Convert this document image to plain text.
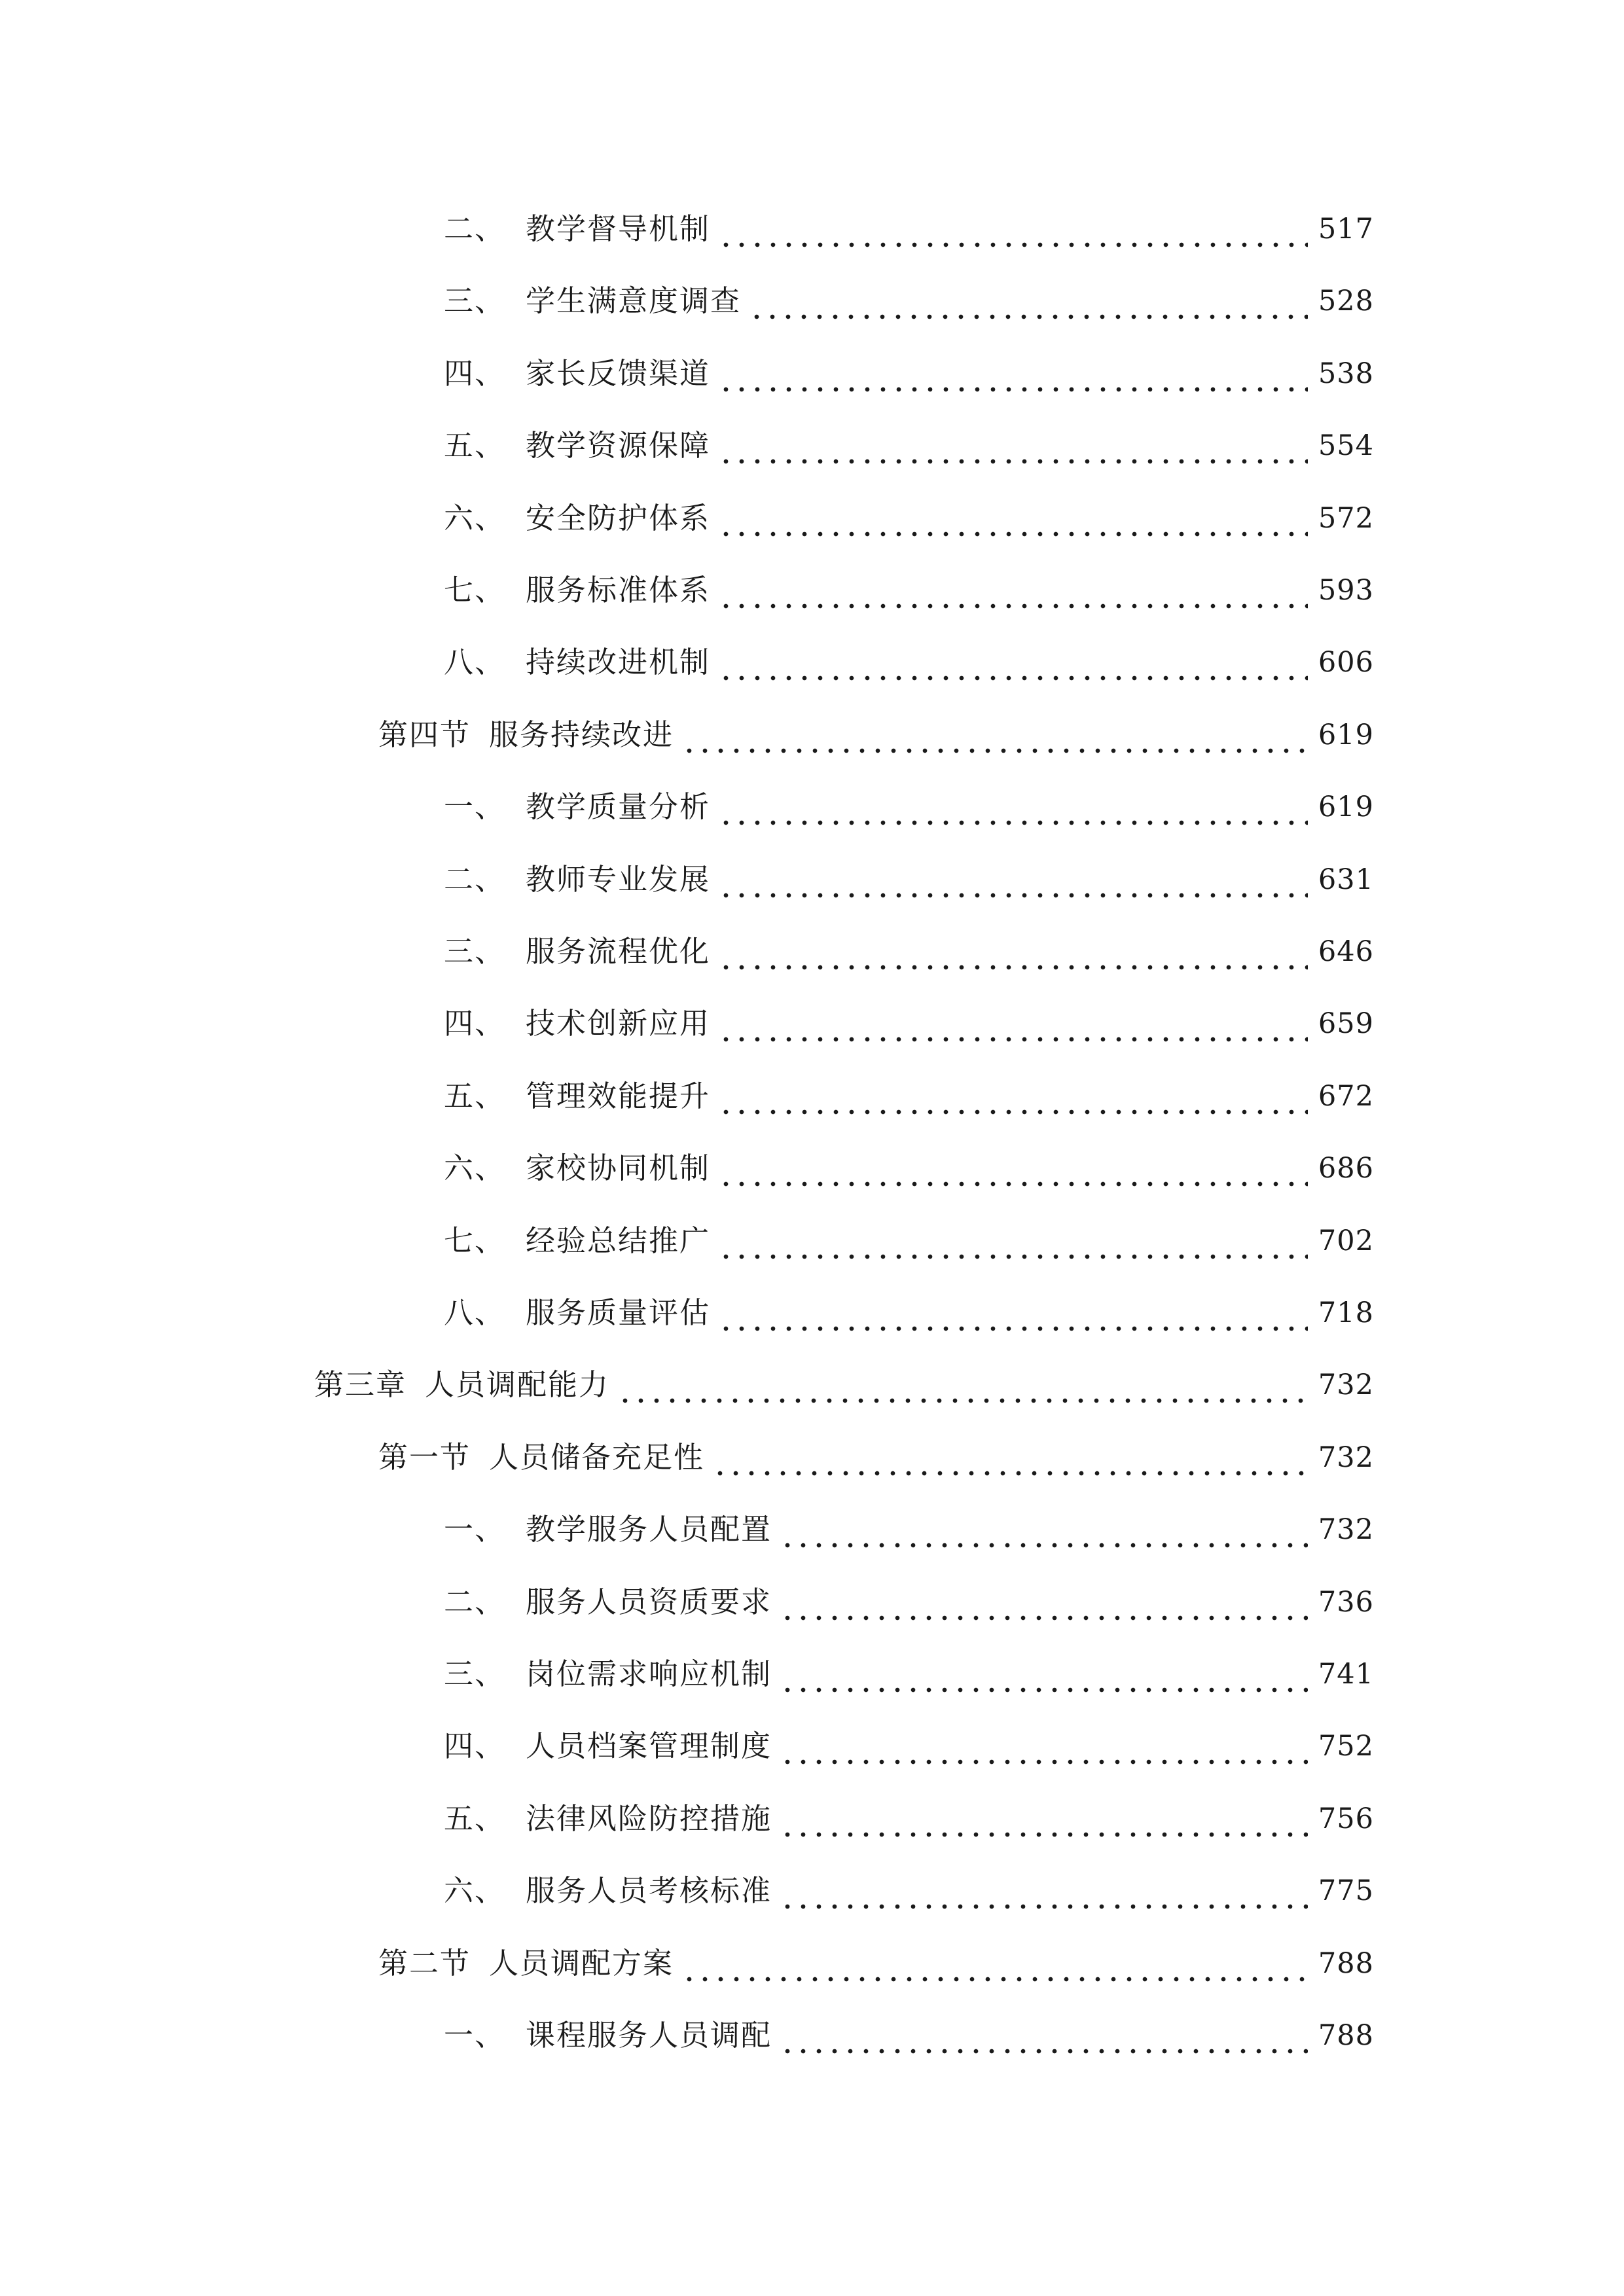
二、 教学督导机制	517
三、 学生满意度调查	528
四、 家长反馈渠道	538
五、 教学资源保障	554
六、 安全防护体系	572
七、 服务标准体系	593
八、 持续改进机制	606
第四节 服务持续改进	619
一、 教学质量分析	619
二、 教师专业发展	631
三、 服务流程优化	646
四、 技术创新应用	659
五、 管理效能提升	672
六、 家校协同机制	686
七、 经验总结推广	702
八、 服务质量评估	718
第三章 人员调配能力	732
第一节 人员储备充足性	732
一、 教学服务人员配置	732
二、 服务人员资质要求	736
三、 岗位需求响应机制	741
四、 人员档案管理制度	752
五、 法律风险防控措施	756
六、 服务人员考核标准	775
第二节 人员调配方案	788
一、 课程服务人员调配	788
